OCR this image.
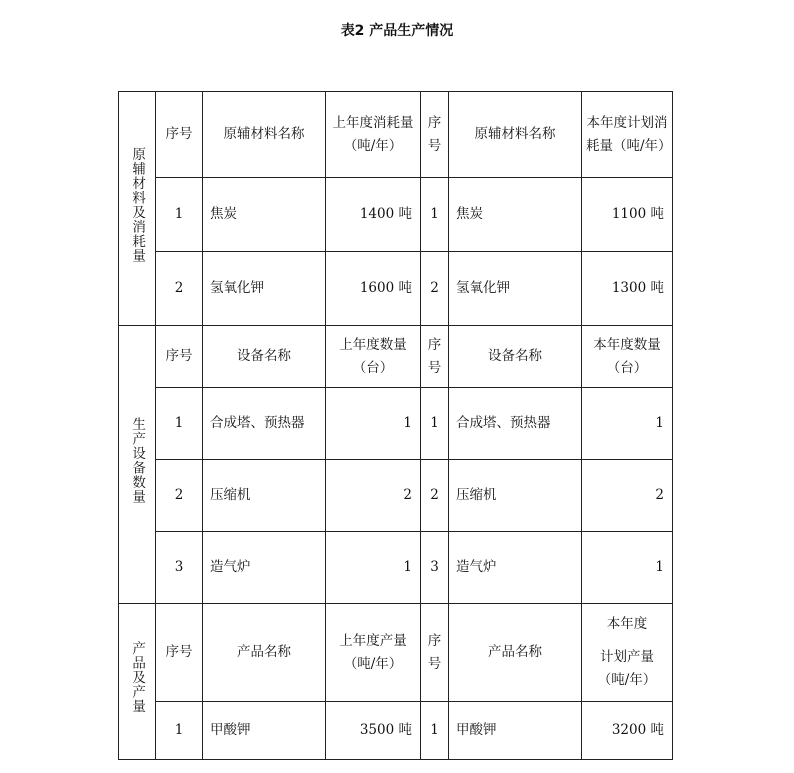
表2 产品生产情况
原辅材料及消耗量	序号	原辅材料名称	上年度消耗量（吨/年）	序号	原辅材料名称	本年度计划消耗量（吨/年）
	1	焦炭	1400 吨	1	焦炭	1100 吨
	2	氢氧化钾	1600 吨	2	氢氧化钾	1300 吨
生产设备数量	序号	设备名称	上年度数量（台）	序号	设备名称	本年度数量（台）
	1	合成塔、预热器	1	1	合成塔、预热器	1
	2	压缩机	2	2	压缩机	2
	3	造气炉	1	3	造气炉	1
产品及产量	序号	产品名称	上年度产量（吨/年）	序号	产品名称	本年度
计划产量（吨/年）

	1	甲酸钾	3500 吨	1	甲酸钾	3200 吨
